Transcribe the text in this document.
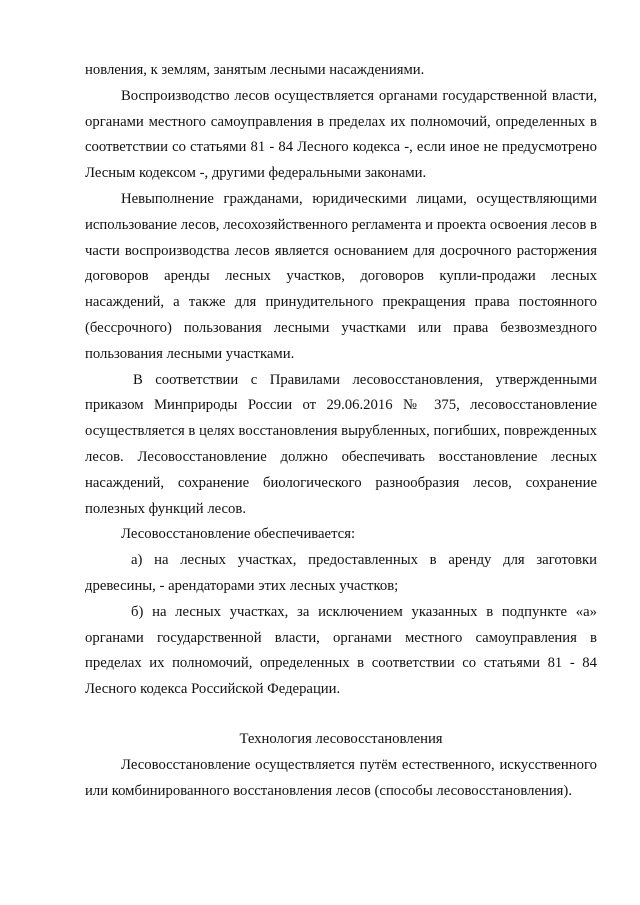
новления, к землям, занятым лесными насаждениями.

Воспроизводство лесов осуществляется органами государственной власти, органами местного самоуправления в пределах их полномочий, определенных в соответствии со статьями 81 - 84 Лесного кодекса -, если иное не предусмотрено Лесным кодексом -, другими федеральными законами.

Невыполнение гражданами, юридическими лицами, осуществляющими использование лесов, лесохозяйственного регламента и проекта освоения лесов в части воспроизводства лесов является основанием для досрочного расторжения договоров аренды лесных участков, договоров купли-продажи лесных насаждений, а также для принудительного прекращения права постоянного (бессрочного) пользования лесными участками или права безвозмездного пользования лесными участками.

В соответствии с Правилами лесовосстановления, утвержденными приказом Минприроды России от 29.06.2016 № 375, лесовосстановление осуществляется в целях восстановления вырубленных, погибших, поврежденных лесов. Лесовосстановление должно обеспечивать восстановление лесных насаждений, сохранение биологического разнообразия лесов, сохранение полезных функций лесов.

Лесовосстановление обеспечивается:

а) на лесных участках, предоставленных в аренду для заготовки древесины, - арендаторами этих лесных участков;

б) на лесных участках, за исключением указанных в подпункте «а» органами государственной власти, органами местного самоуправления в пределах их полномочий, определенных в соответствии со статьями 81 - 84 Лесного кодекса Российской Федерации.

Технология лесовосстановления

Лесовосстановление осуществляется путём естественного, искусственного или комбинированного восстановления лесов (способы лесовосстановления).
